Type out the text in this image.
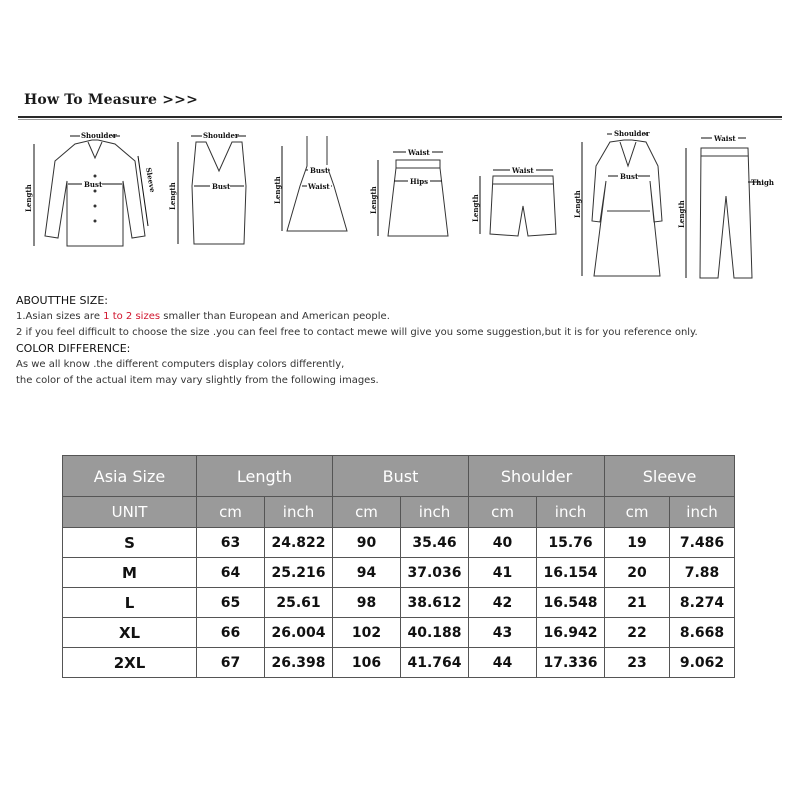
How To Measure >>>
Shoulder
Bust
Length
Sleeve
Shoulder
Bust
Length
Bust
Waist
Length
Waist
Hips
Length
Waist
Length
Shoulder
Bust
Length
Waist
Thigh
Length
ABOUTTHE SIZE:
1.Asian sizes are 1 to 2 sizes smaller than European and American people.
2 if you feel difficult to choose the size .you can feel free to contact mewe will give you some suggestion,but it is for you reference only.
COLOR DIFFERENCE:
As we all know .the different computers display colors differently,
the color of the actual item may vary slightly from the following images.
Asia Size	Length		Bust		Shoulder		Sleeve	
UNIT	cm	inch	cm	inch	cm	inch	cm	inch
S	63	24.822	90	35.46	40	15.76	19	7.486
M	64	25.216	94	37.036	41	16.154	20	7.88
L	65	25.61	98	38.612	42	16.548	21	8.274
XL	66	26.004	102	40.188	43	16.942	22	8.668
2XL	67	26.398	106	41.764	44	17.336	23	9.062
